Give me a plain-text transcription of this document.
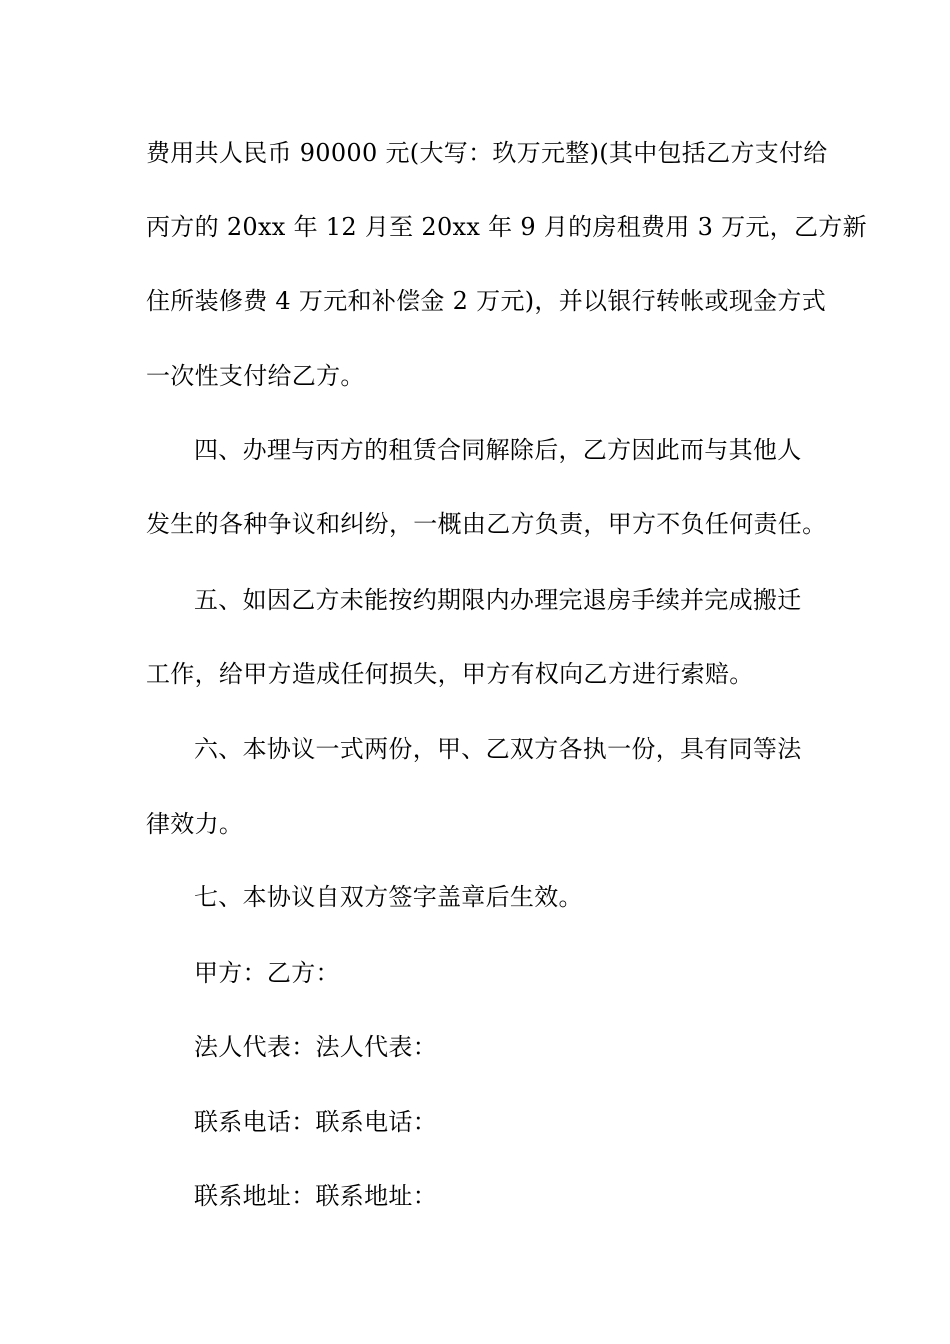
费用共人民币 90000 元(大写：玖万元整)(其中包括乙方支付给
丙方的 20xx 年 12 月至 20xx 年 9 月的房租费用 3 万元，乙方新
住所装修费 4 万元和补偿金 2 万元)，并以银行转帐或现金方式
一次性支付给乙方。
四、办理与丙方的租赁合同解除后，乙方因此而与其他人
发生的各种争议和纠纷，一概由乙方负责，甲方不负任何责任。
五、如因乙方未能按约期限内办理完退房手续并完成搬迁
工作，给甲方造成任何损失，甲方有权向乙方进行索赔。
六、本协议一式两份，甲、乙双方各执一份，具有同等法
律效力。
七、本协议自双方签字盖章后生效。
甲方：乙方：
法人代表：法人代表：
联系电话：联系电话：
联系地址：联系地址：
